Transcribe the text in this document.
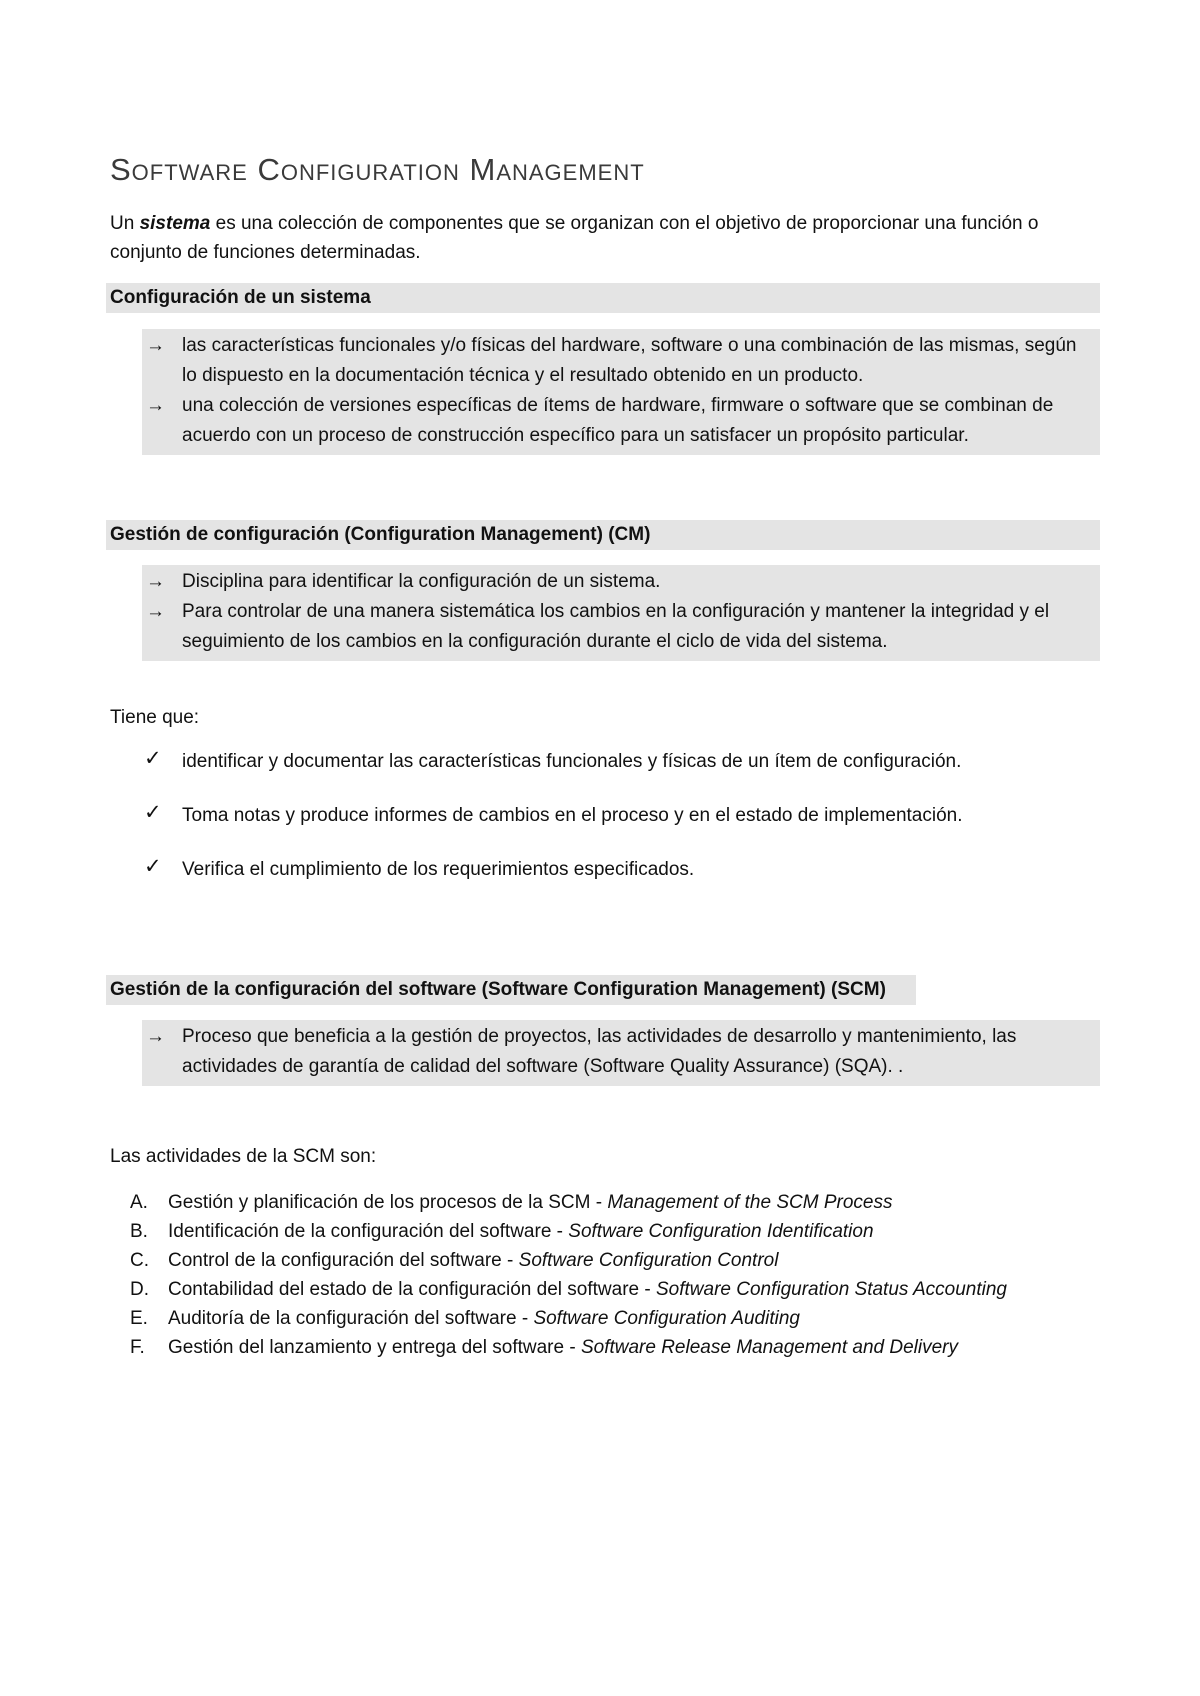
Software Configuration Management

Un sistema es una colección de componentes que se organizan con el objetivo de proporcionar una función o conjunto de funciones determinadas.

Configuración de un sistema
→ las características funcionales y/o físicas del hardware, software o una combinación de las mismas, según lo dispuesto en la documentación técnica y el resultado obtenido en un producto.
→ una colección de versiones específicas de ítems de hardware, firmware o software que se combinan de acuerdo con un proceso de construcción específico para un satisfacer un propósito particular.
Gestión de configuración (Configuration Management) (CM)
→ Disciplina para identificar la configuración de un sistema.
→ Para controlar de una manera sistemática los cambios en la configuración y mantener la integridad y el seguimiento de los cambios en la configuración durante el ciclo de vida del sistema.

Tiene que:

✓ identificar y documentar las características funcionales y físicas de un ítem de configuración.
✓ Toma notas y produce informes de cambios en el proceso y en el estado de implementación.
✓ Verifica el cumplimiento de los requerimientos especificados.
Gestión de la configuración del software (Software Configuration Management) (SCM)
→ Proceso que beneficia a la gestión de proyectos, las actividades de desarrollo y mantenimiento, las actividades de garantía de calidad del software (Software Quality Assurance) (SQA). .

Las actividades de la SCM son:

A. Gestión y planificación de los procesos de la SCM - Management of the SCM Process
B. Identificación de la configuración del software - Software Configuration Identification
C. Control de la configuración del software - Software Configuration Control
D. Contabilidad del estado de la configuración del software - Software Configuration Status Accounting
E. Auditoría de la configuración del software - Software Configuration Auditing
F. Gestión del lanzamiento y entrega del software - Software Release Management and Delivery
